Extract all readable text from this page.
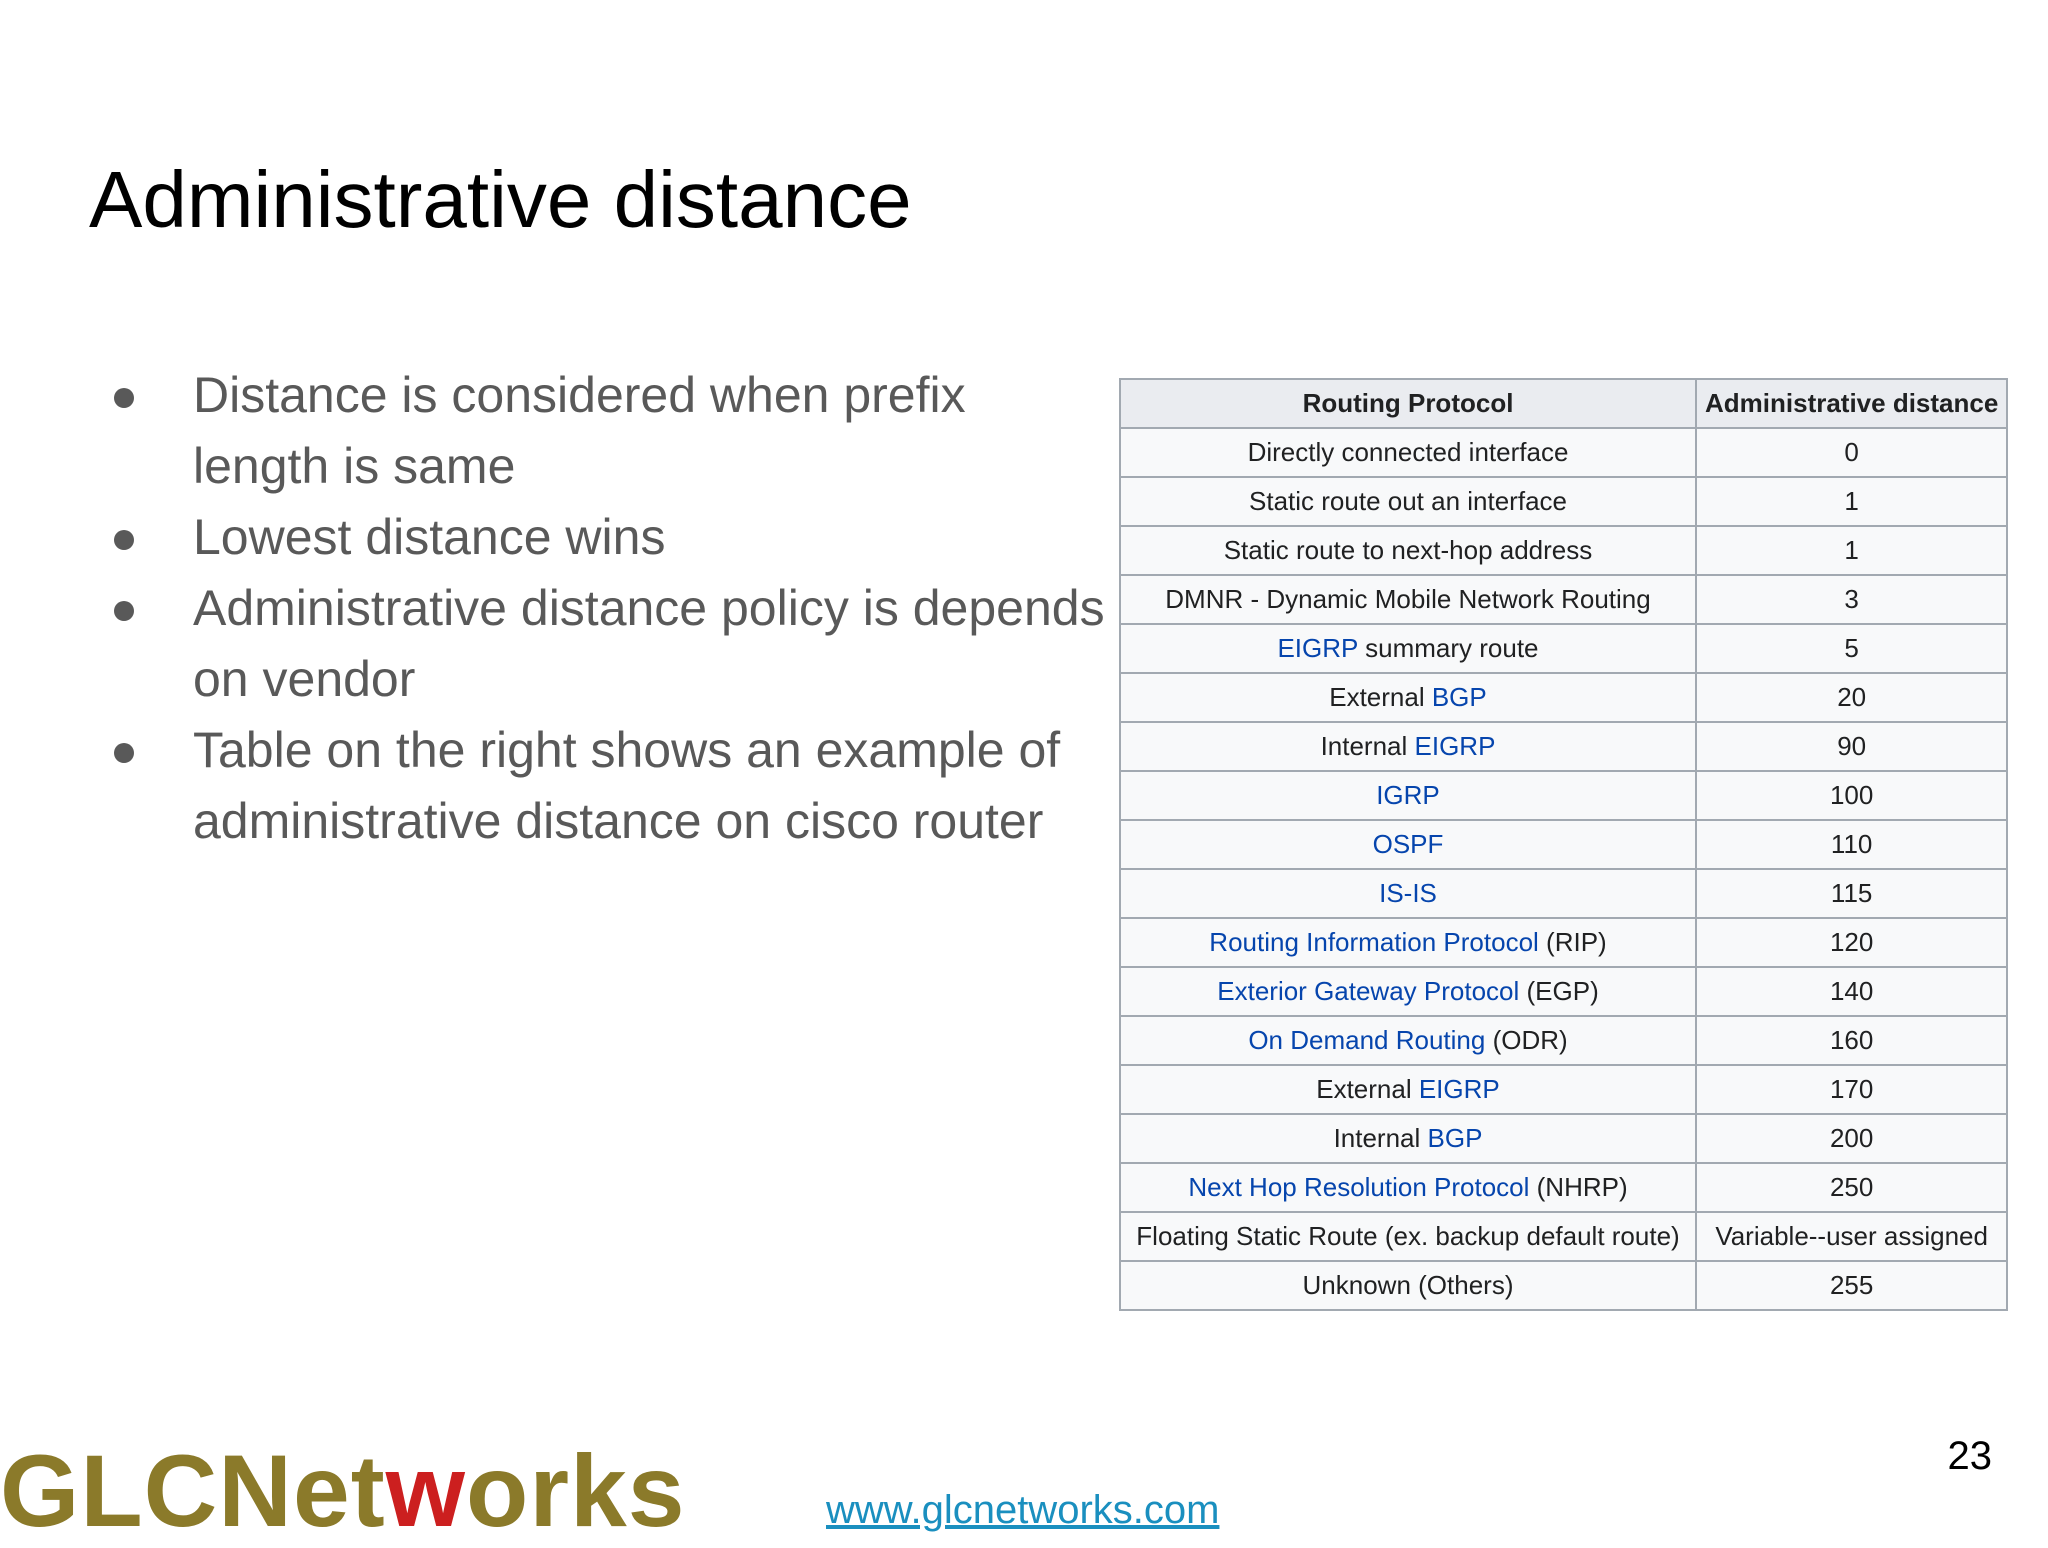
Administrative distance
Distance is considered when prefix length is same
Lowest distance wins
Administrative distance policy is depends on vendor
Table on the right shows an example of administrative distance on cisco router
Routing Protocol	Administrative distance
Directly connected interface	0
Static route out an interface	1
Static route to next-hop address	1
DMNR - Dynamic Mobile Network Routing	3
EIGRP summary route	5
External BGP	20
Internal EIGRP	90
IGRP	100
OSPF	110
IS-IS	115
Routing Information Protocol (RIP)	120
Exterior Gateway Protocol (EGP)	140
On Demand Routing (ODR)	160
External EIGRP	170
Internal BGP	200
Next Hop Resolution Protocol (NHRP)	250
Floating Static Route (ex. backup default route)	Variable--user assigned
Unknown (Others)	255
GLCNetworks	www.glcnetworks.com
23
